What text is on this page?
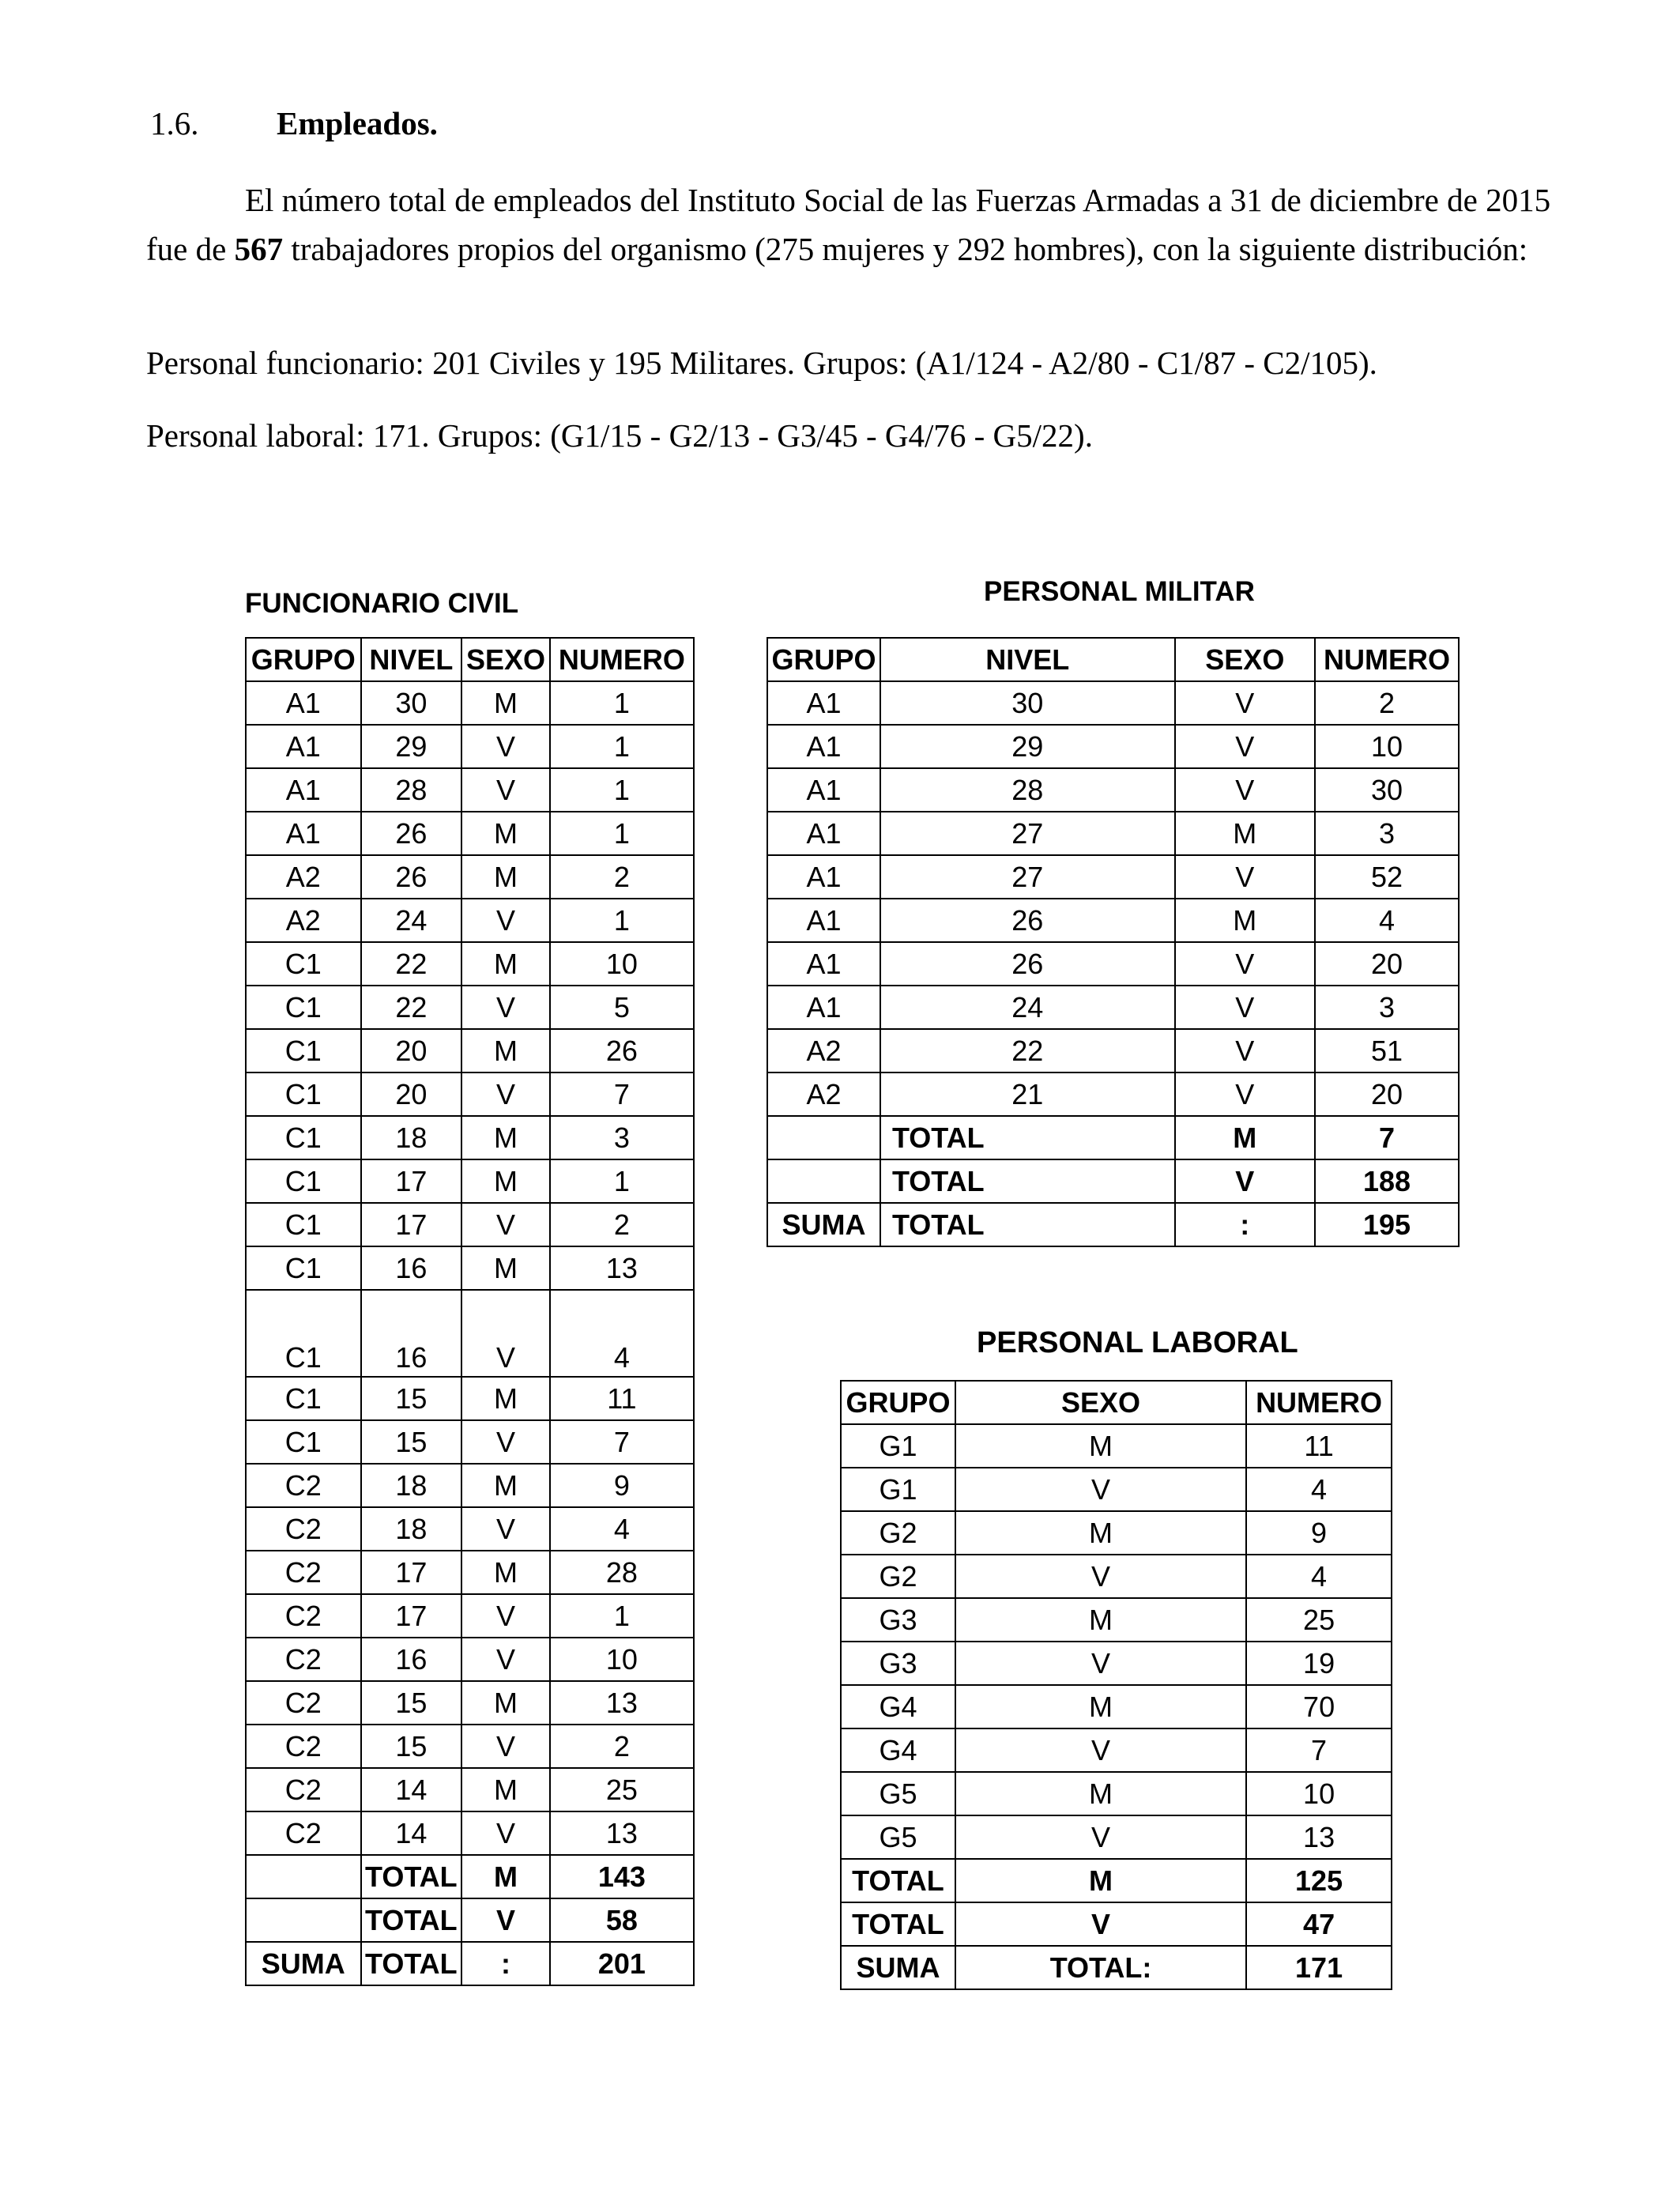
1.6. Empleados.
El número total de empleados del Instituto Social de las Fuerzas Armadas a 31 de diciembre de 2015 fue de 567 trabajadores propios del organismo (275 mujeres y 292 hombres), con la siguiente distribución:
Personal funcionario: 201 Civiles y 195 Militares. Grupos: (A1/124 - A2/80 - C1/87 - C2/105).
Personal laboral: 171. Grupos: (G1/15 - G2/13 - G3/45 - G4/76 - G5/22).
FUNCIONARIO CIVIL
GRUPO	NIVEL	SEXO	NUMERO
A1	30	M	1
A1	29	V	1
A1	28	V	1
A1	26	M	1
A2	26	M	2
A2	24	V	1
C1	22	M	10
C1	22	V	5
C1	20	M	26
C1	20	V	7
C1	18	M	3
C1	17	M	1
C1	17	V	2
C1	16	M	13
C1	16	V	4
C1	15	M	11
C1	15	V	7
C2	18	M	9
C2	18	V	4
C2	17	M	28
C2	17	V	1
C2	16	V	10
C2	15	M	13
C2	15	V	2
C2	14	M	25
C2	14	V	13
	TOTAL	M	143
	TOTAL	V	58
SUMA	TOTAL	:	201
PERSONAL MILITAR
GRUPO	NIVEL	SEXO	NUMERO
A1	30	V	2
A1	29	V	10
A1	28	V	30
A1	27	M	3
A1	27	V	52
A1	26	M	4
A1	26	V	20
A1	24	V	3
A2	22	V	51
A2	21	V	20
	TOTAL	M	7
	TOTAL	V	188
SUMA	TOTAL	:	195
PERSONAL LABORAL
GRUPO	SEXO	NUMERO
G1	M	11
G1	V	4
G2	M	9
G2	V	4
G3	M	25
G3	V	19
G4	M	70
G4	V	7
G5	M	10
G5	V	13
TOTAL	M	125
TOTAL	V	47
SUMA	TOTAL:	171
